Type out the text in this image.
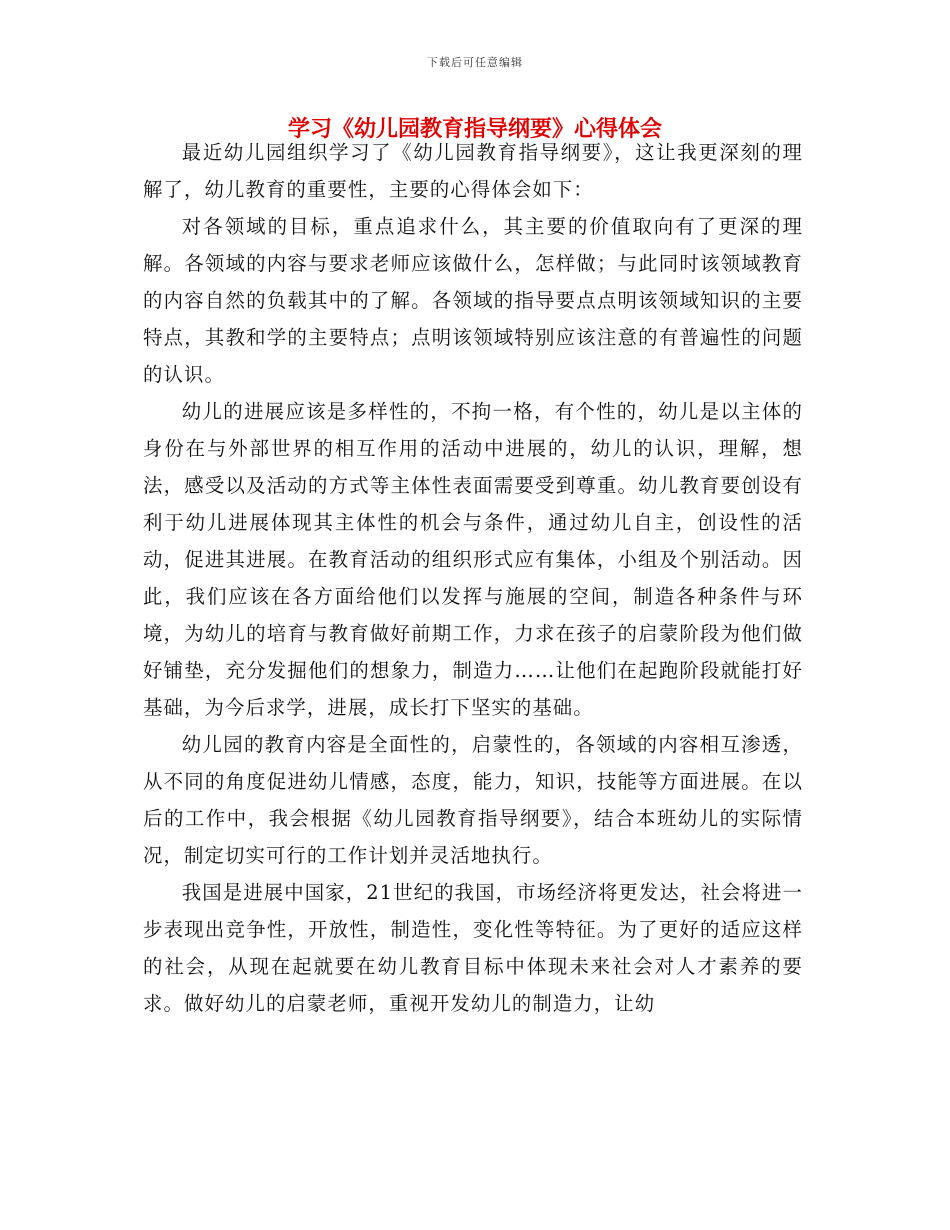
下载后可任意编辑
学习《幼儿园教育指导纲要》心得体会

最近幼儿园组织学习了《幼儿园教育指导纲要》，这让我更深刻的理解了，幼儿教育的重要性，主要的心得体会如下：

对各领域的目标，重点追求什么，其主要的价值取向有了更深的理解。各领域的内容与要求老师应该做什么，怎样做；与此同时该领域教育的内容自然的负载其中的了解。各领域的指导要点点明该领域知识的主要特点，其教和学的主要特点；点明该领域特别应该注意的有普遍性的问题的认识。

幼儿的进展应该是多样性的，不拘一格，有个性的，幼儿是以主体的身份在与外部世界的相互作用的活动中进展的，幼儿的认识，理解，想法，感受以及活动的方式等主体性表面需要受到尊重。幼儿教育要创设有利于幼儿进展体现其主体性的机会与条件，通过幼儿自主，创设性的活动，促进其进展。在教育活动的组织形式应有集体，小组及个别活动。因此，我们应该在各方面给他们以发挥与施展的空间，制造各种条件与环境，为幼儿的培育与教育做好前期工作，力求在孩子的启蒙阶段为他们做好铺垫，充分发掘他们的想象力，制造力……让他们在起跑阶段就能打好基础，为今后求学，进展，成长打下坚实的基础。

幼儿园的教育内容是全面性的，启蒙性的，各领域的内容相互渗透，从不同的角度促进幼儿情感，态度，能力，知识，技能等方面进展。在以后的工作中，我会根据《幼儿园教育指导纲要》，结合本班幼儿的实际情况，制定切实可行的工作计划并灵活地执行。

我国是进展中国家，21世纪的我国，市场经济将更发达，社会将进一步表现出竞争性，开放性，制造性，变化性等特征。为了更好的适应这样的社会，从现在起就要在幼儿教育目标中体现未来社会对人才素养的要求。做好幼儿的启蒙老师，重视开发幼儿的制造力，让幼
